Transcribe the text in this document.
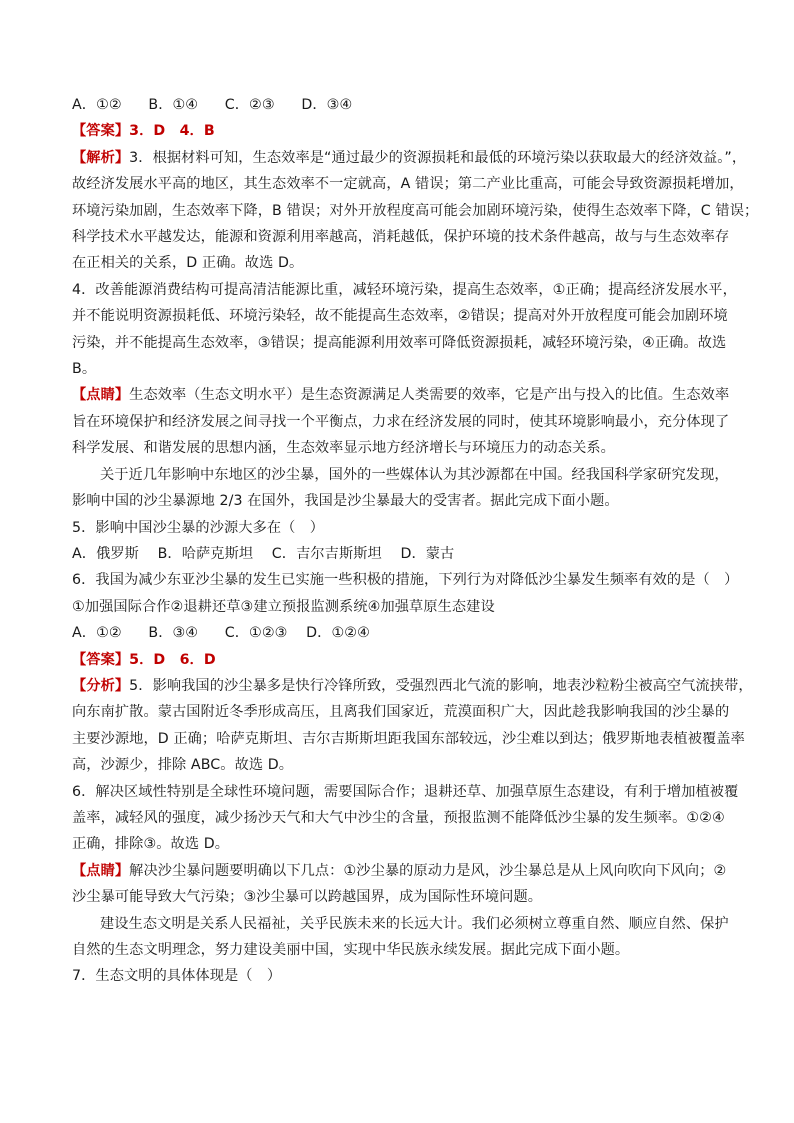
A．①② B．①④ C．②③ D．③④
【答案】3．D　4．B
【解析】3．根据材料可知，生态效率是“通过最少的资源损耗和最低的环境污染以获取最大的经济效益。”，
故经济发展水平高的地区，其生态效率不一定就高，A 错误；第二产业比重高，可能会导致资源损耗增加，
环境污染加剧，生态效率下降，B 错误；对外开放程度高可能会加剧环境污染，使得生态效率下降，C 错误；
科学技术水平越发达，能源和资源利用率越高，消耗越低，保护环境的技术条件越高，故与与生态效率存
在正相关的关系，D 正确。故选 D。
4．改善能源消费结构可提高清洁能源比重，减轻环境污染，提高生态效率，①正确；提高经济发展水平，
并不能说明资源损耗低、环境污染轻，故不能提高生态效率，②错误；提高对外开放程度可能会加剧环境
污染，并不能提高生态效率，③错误；提高能源利用效率可降低资源损耗，减轻环境污染，④正确。故选
B。
【点睛】生态效率（生态文明水平）是生态资源满足人类需要的效率，它是产出与投入的比值。生态效率
旨在环境保护和经济发展之间寻找一个平衡点，力求在经济发展的同时，使其环境影响最小，充分体现了
科学发展、和谐发展的思想内涵，生态效率显示地方经济增长与环境压力的动态关系。
关于近几年影响中东地区的沙尘暴，国外的一些媒体认为其沙源都在中国。经我国科学家研究发现，
影响中国的沙尘暴源地 2/3 在国外，我国是沙尘暴最大的受害者。据此完成下面小题。
5．影响中国沙尘暴的沙源大多在（　）
A．俄罗斯 B．哈萨克斯坦 C．吉尔吉斯斯坦 D．蒙古
6．我国为减少东亚沙尘暴的发生已实施一些积极的措施，下列行为对降低沙尘暴发生频率有效的是（　）
①加强国际合作②退耕还草③建立预报监测系统④加强草原生态建设
A．①② B．③④ C．①②③ D．①②④
【答案】5．D　6．D
【分析】5．影响我国的沙尘暴多是快行冷锋所致，受强烈西北气流的影响，地表沙粒粉尘被高空气流挟带，
向东南扩散。蒙古国附近冬季形成高压，且离我们国家近，荒漠面积广大，因此趁我影响我国的沙尘暴的
主要沙源地，D 正确；哈萨克斯坦、吉尔吉斯斯坦距我国东部较远，沙尘难以到达；俄罗斯地表植被覆盖率
高，沙源少，排除 ABC。故选 D。
6．解决区域性特别是全球性环境问题，需要国际合作；退耕还草、加强草原生态建设，有利于增加植被覆
盖率，减轻风的强度，减少扬沙天气和大气中沙尘的含量，预报监测不能降低沙尘暴的发生频率。①②④
正确，排除③。故选 D。
【点睛】解决沙尘暴问题要明确以下几点：①沙尘暴的原动力是风，沙尘暴总是从上风向吹向下风向；②
沙尘暴可能导致大气污染；③沙尘暴可以跨越国界，成为国际性环境问题。
建设生态文明是关系人民福祉，关乎民族未来的长远大计。我们必须树立尊重自然、顺应自然、保护
自然的生态文明理念，努力建设美丽中国，实现中华民族永续发展。据此完成下面小题。
7．生态文明的具体体现是（　）
